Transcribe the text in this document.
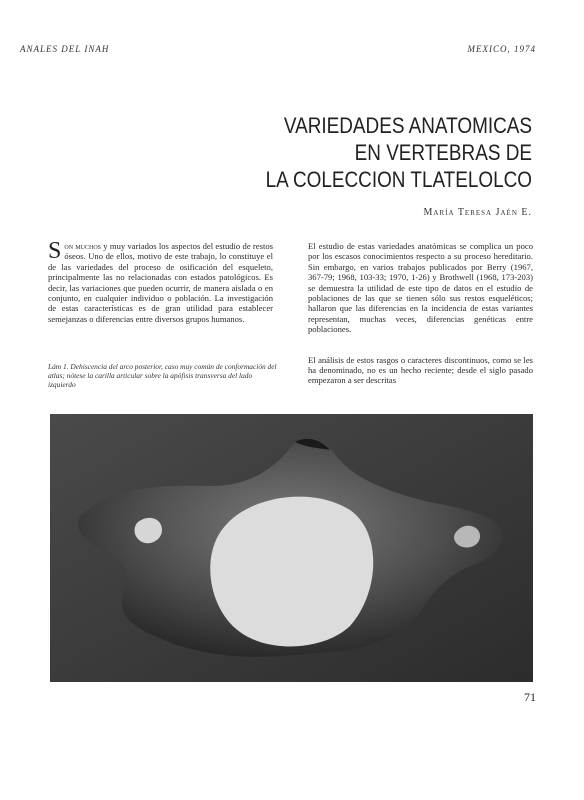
ANALES DEL INAH	MEXICO, 1974
VARIEDADES ANATOMICAS
EN VERTEBRAS DE
LA COLECCION TLATELOLCO
María Teresa Jaén E.

Son muchos y muy variados los aspectos del estudio de restos óseos. Uno de ellos, motivo de este trabajo, lo constituye el de las variedades del proceso de osificación del esqueleto, principalmente las no relacionadas con estados patológicos. Es decir, las variaciones que pueden ocurrir, de manera aislada o en conjunto, en cualquier individuo o población. La investigación de estas características es de gran utilidad para establecer semejanzas o diferencias entre diversos grupos humanos.

El estudio de estas variedades anatómicas se complica un poco por los escasos conocimientos respecto a su proceso hereditario. Sin embargo, en varios trabajos publicados por Berry (1967, 367-79; 1968, 103-33; 1970, 1-26) y Brothwell (1968, 173-203) se demuestra la utilidad de este tipo de datos en el estudio de poblaciones de las que se tienen sólo sus restos esqueléticos; hallaron que las diferencias en la incidencia de estas variantes representan, muchas veces, diferencias genéticas entre poblaciones.

El análisis de estos rasgos o caracteres discontinuos, como se les ha denominado, no es un hecho reciente; desde el siglo pasado empezaron a ser descritas

Lám 1. Dehiscencia del arco posterior, caso muy común de conformación del atlas; nótese la carilla articular sobre la apófisis transversa del lado izquierdo
71
